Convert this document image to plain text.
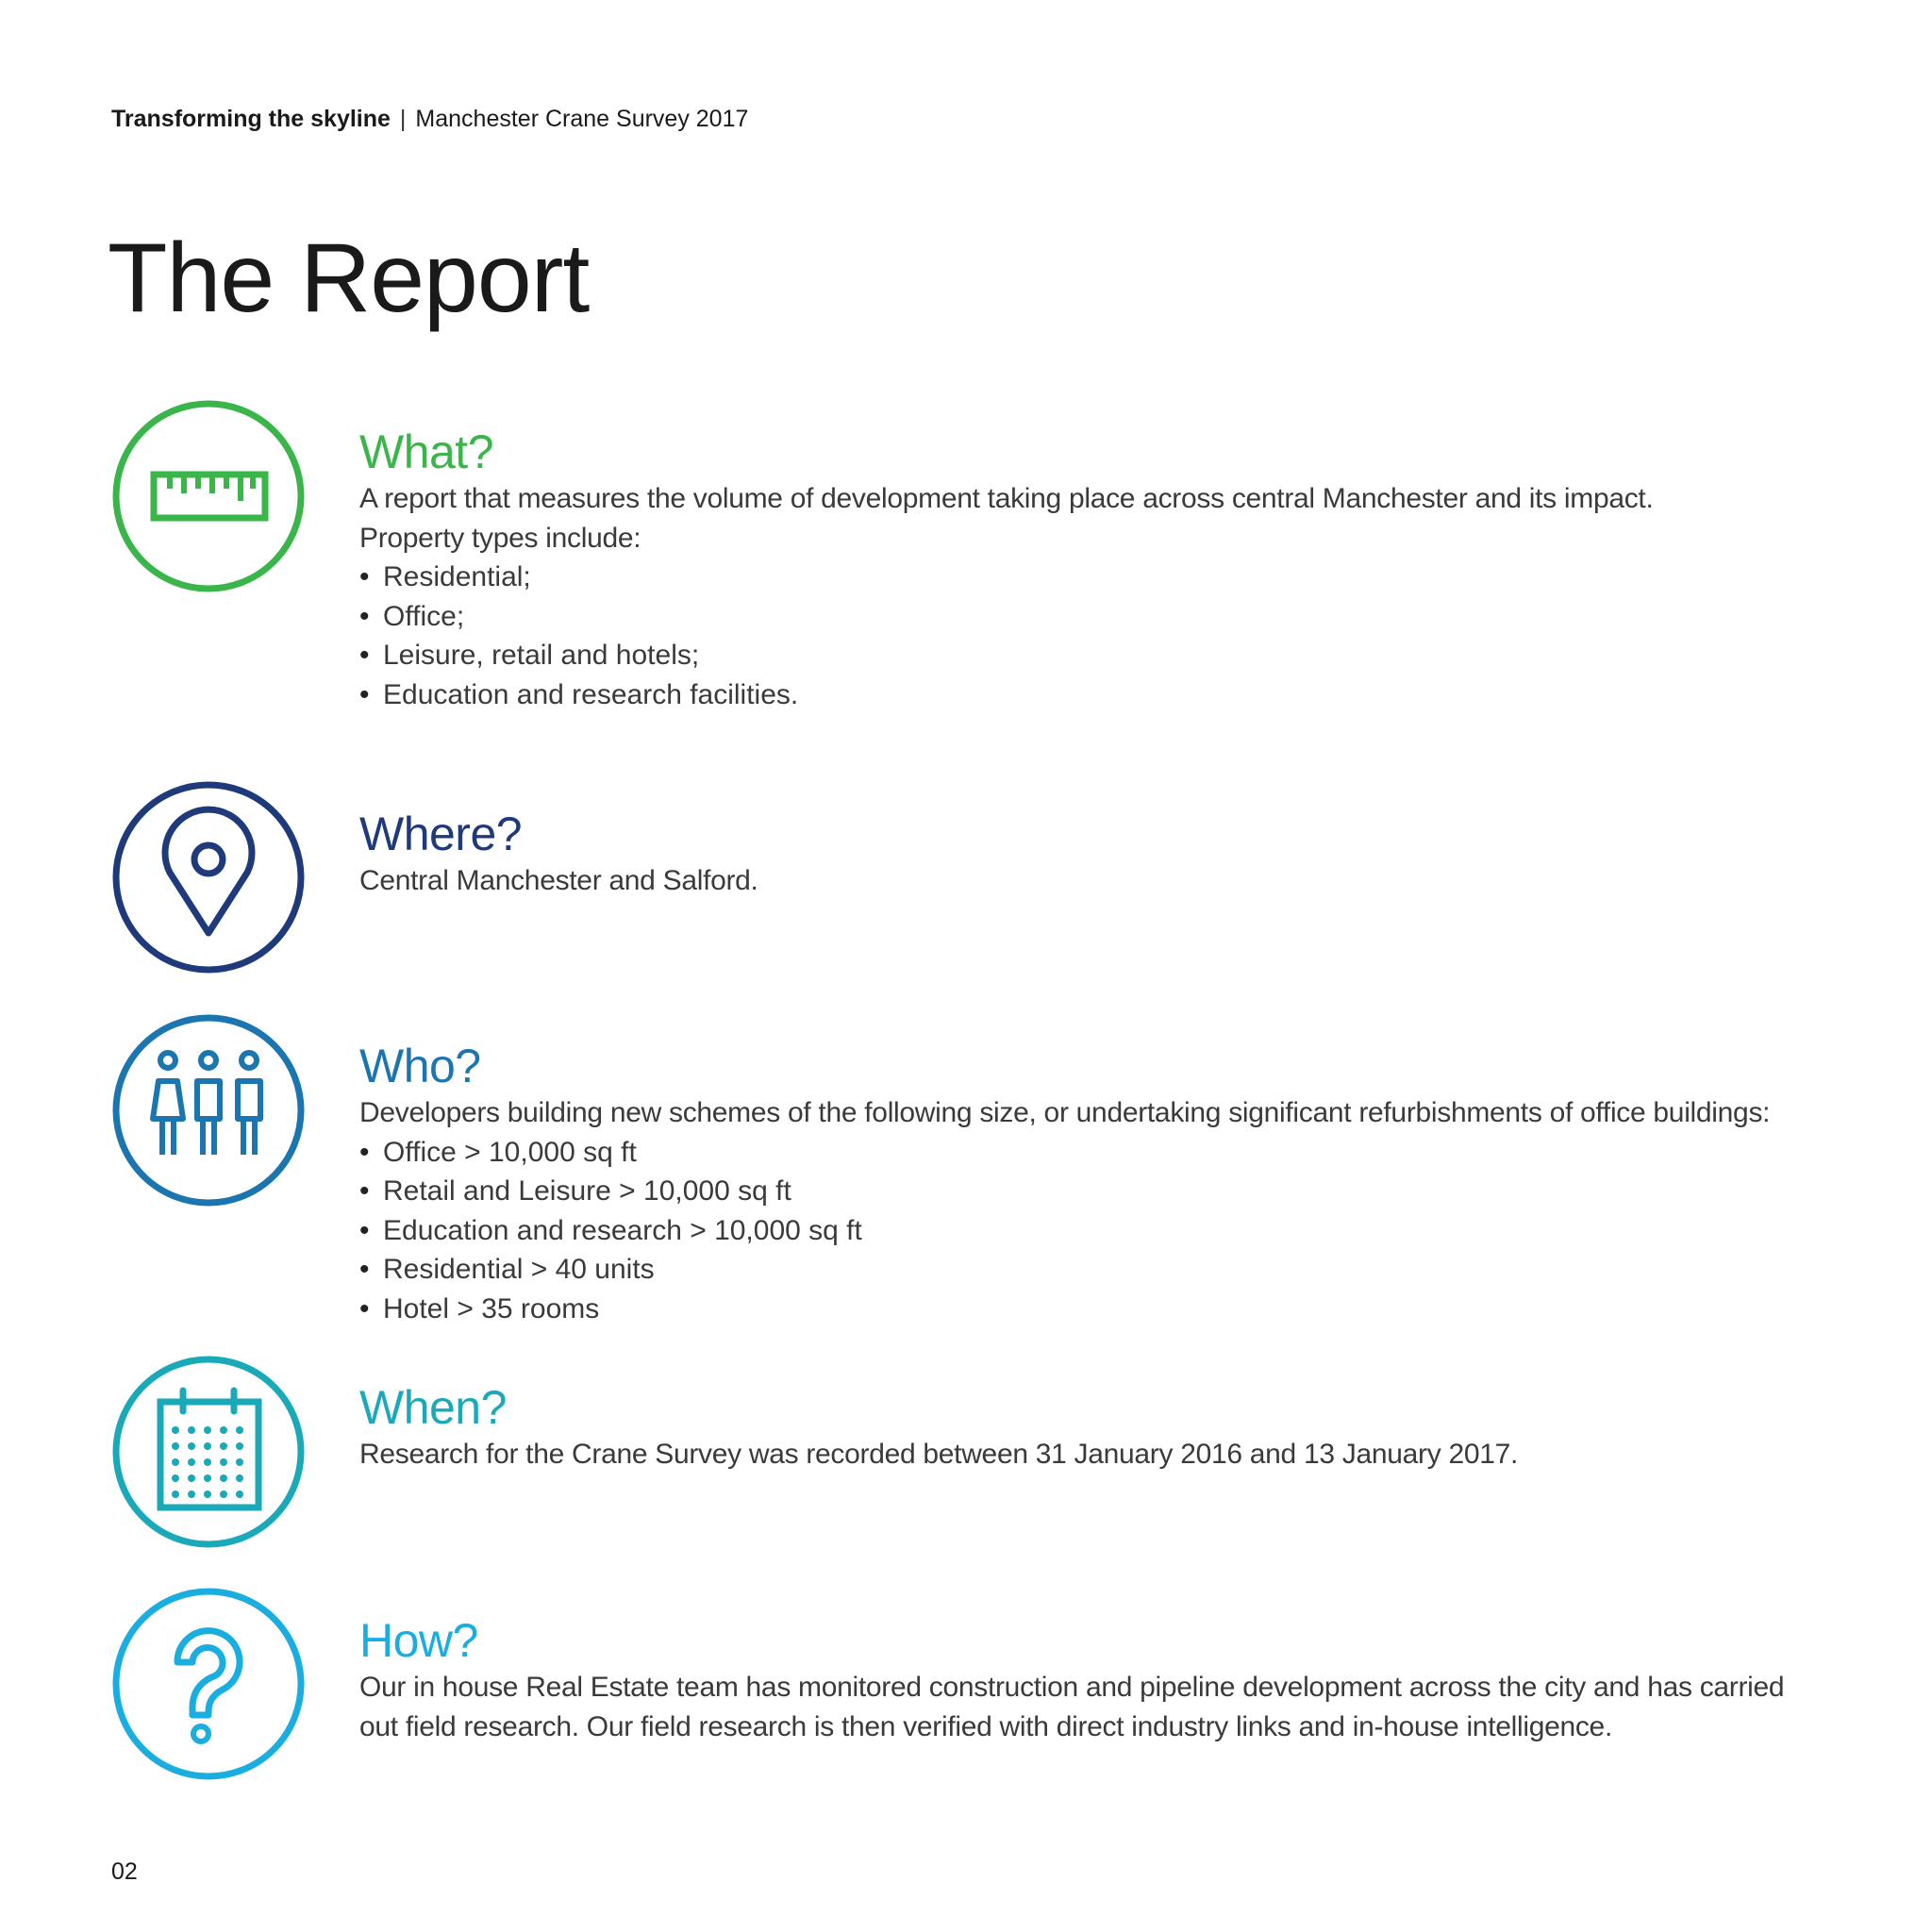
Transforming the skyline | Manchester Crane Survey 2017
The Report
What?
A report that measures the volume of development taking place across central Manchester and its impact.
Property types include:
• Residential;
• Office;
• Leisure, retail and hotels;
• Education and research facilities.
Where?
Central Manchester and Salford.
Who?
Developers building new schemes of the following size, or undertaking significant refurbishments of office buildings:
• Office > 10,000 sq ft
• Retail and Leisure > 10,000 sq ft
• Education and research > 10,000 sq ft
• Residential > 40 units
• Hotel > 35 rooms
When?
Research for the Crane Survey was recorded between 31 January 2016 and 13 January 2017.
How?
Our in house Real Estate team has monitored construction and pipeline development across the city and has carried
out field research. Our field research is then verified with direct industry links and in-house intelligence.
02
